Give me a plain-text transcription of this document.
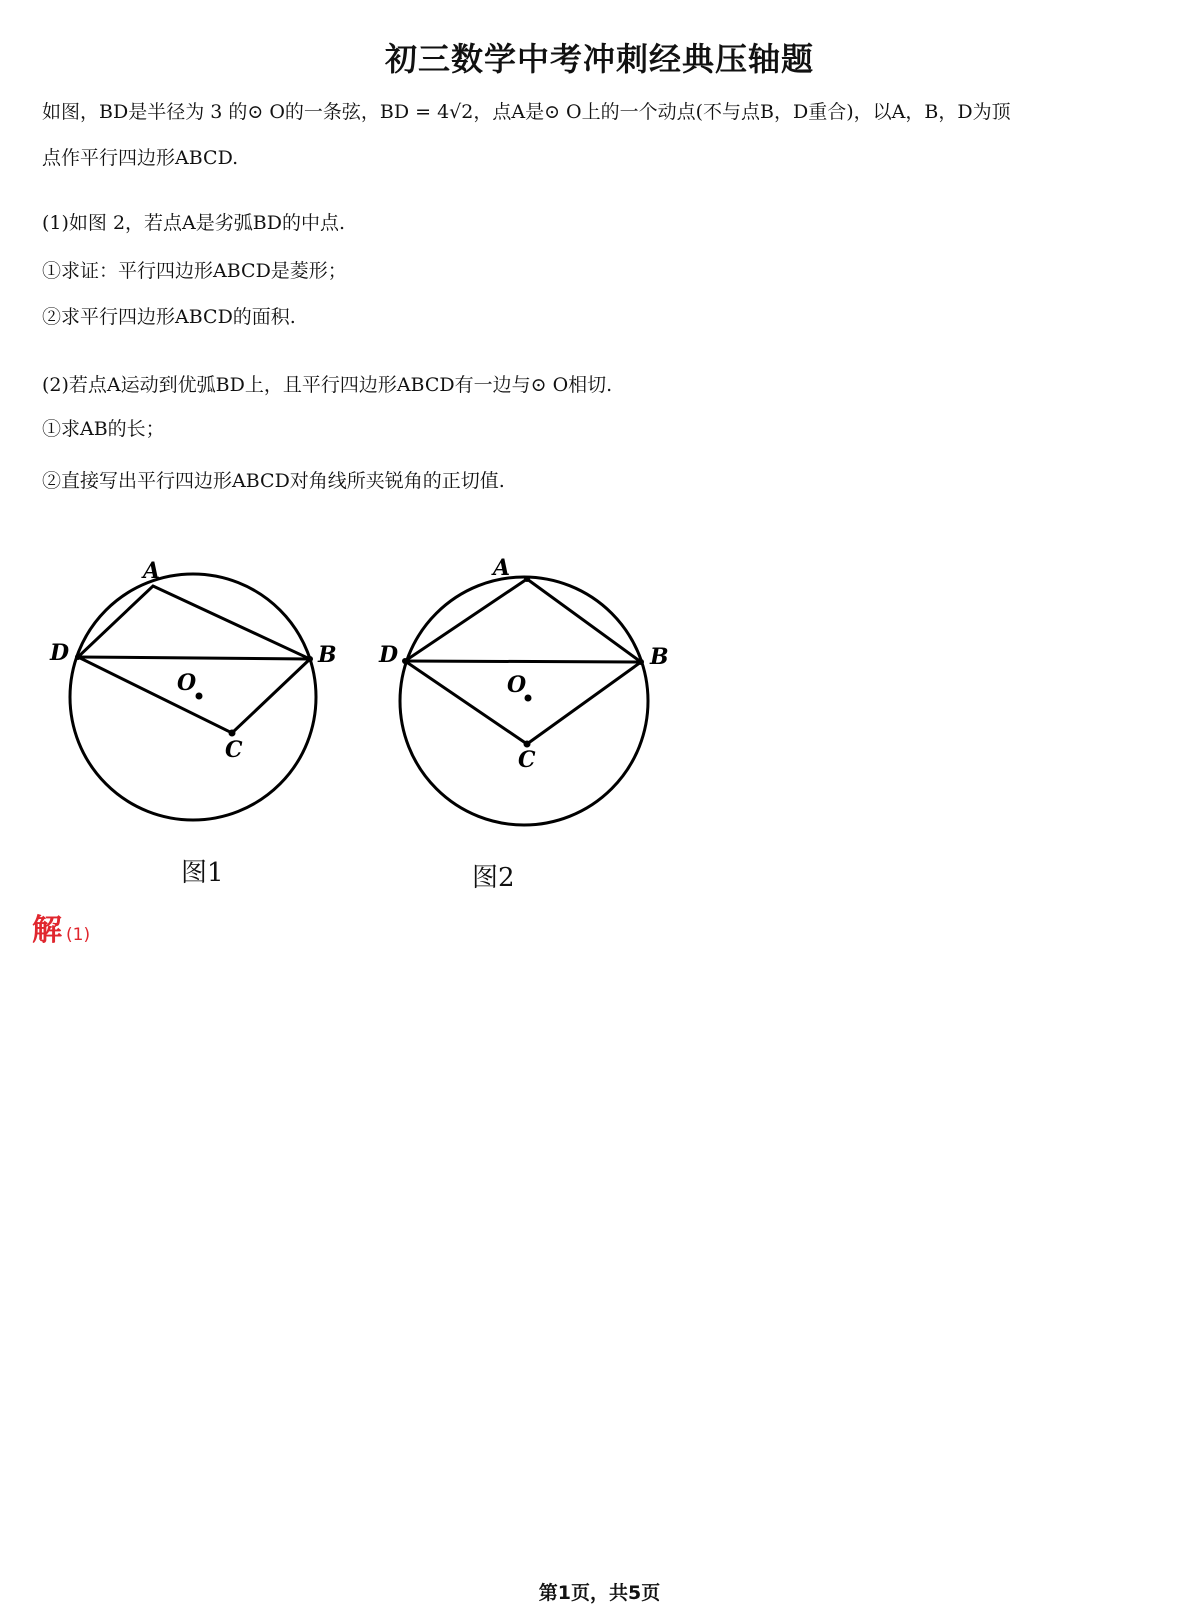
初三数学中考冲刺经典压轴题
如图，BD是半径为 3 的⊙ O的一条弦，BD = 4√2，点A是⊙ O上的一个动点(不与点B，D重合)，以A，B，D为顶
点作平行四边形ABCD.
(1)如图 2，若点A是劣弧BD的中点.
①求证：平行四边形ABCD是菱形；
②求平行四边形ABCD的面积.
(2)若点A运动到优弧BD上，且平行四边形ABCD有一边与⊙ O相切.
①求AB的长；
②直接写出平行四边形ABCD对角线所夹锐角的正切值.
A
D	B
O
C
A
D	B
O
C
图1	图2
解 (1)
第1页，共5页
